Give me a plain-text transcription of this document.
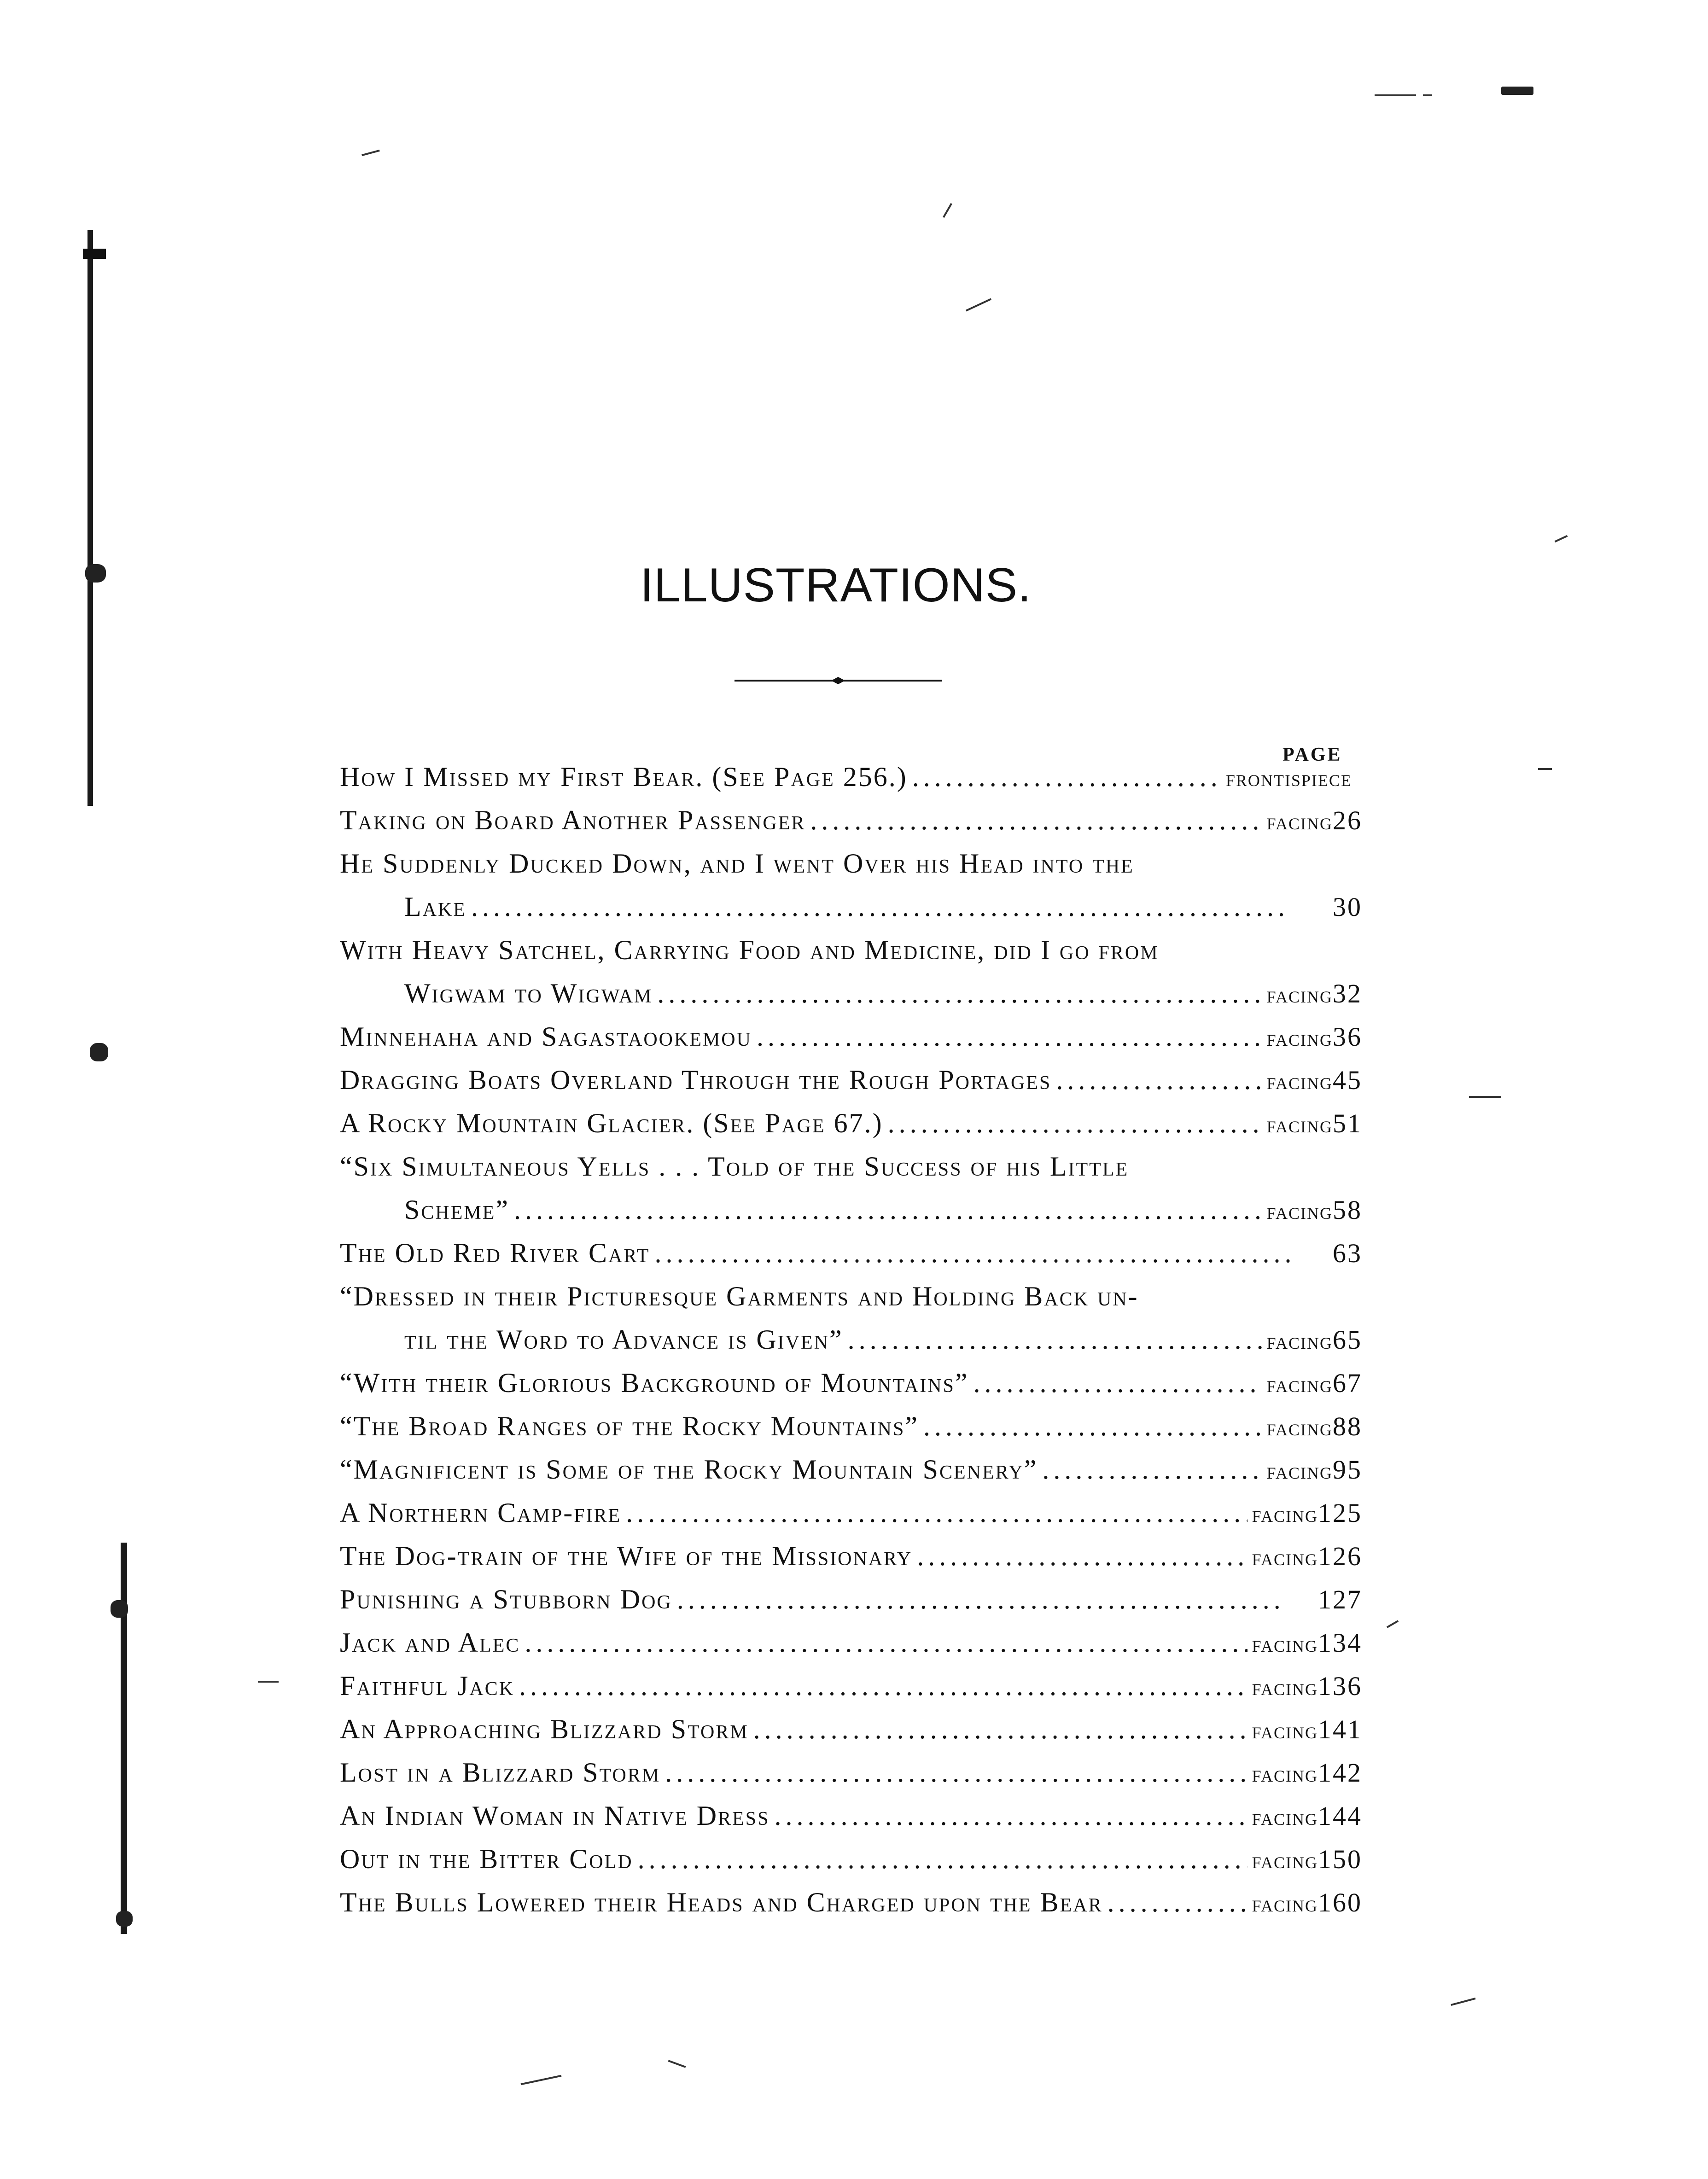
ILLUSTRATIONS.
PAGE
How I Missed my First Bear. (See Page 256.) .....	frontispiece
Taking on Board Another Passenger .....	facing 26
He Suddenly Ducked Down, and I went Over his Head into the
Lake .....	30
With Heavy Satchel, Carrying Food and Medicine, did I go from
Wigwam to Wigwam .....	facing 32
Minnehaha and Sagastaookemou .....	facing 36
Dragging Boats Overland Through the Rough Portages .....	facing 45
A Rocky Mountain Glacier. (See Page 67.) .....	facing 51
“Six Simultaneous Yells . . . Told of the Success of his Little
Scheme” .....	facing 58
The Old Red River Cart .....	63
“Dressed in their Picturesque Garments and Holding Back un-
til the Word to Advance is Given” .....	facing 65
“With their Glorious Background of Mountains” .....	facing 67
“The Broad Ranges of the Rocky Mountains” .....	facing 88
“Magnificent is Some of the Rocky Mountain Scenery” .....	facing 95
A Northern Camp-fire .....	facing 125
The Dog-train of the Wife of the Missionary .....	facing 126
Punishing a Stubborn Dog .....	127
Jack and Alec .....	facing 134
Faithful Jack .....	facing 136
An Approaching Blizzard Storm .....	facing 141
Lost in a Blizzard Storm .....	facing 142
An Indian Woman in Native Dress .....	facing 144
Out in the Bitter Cold .....	facing 150
The Bulls Lowered their Heads and Charged upon the Bear .....	facing 160
